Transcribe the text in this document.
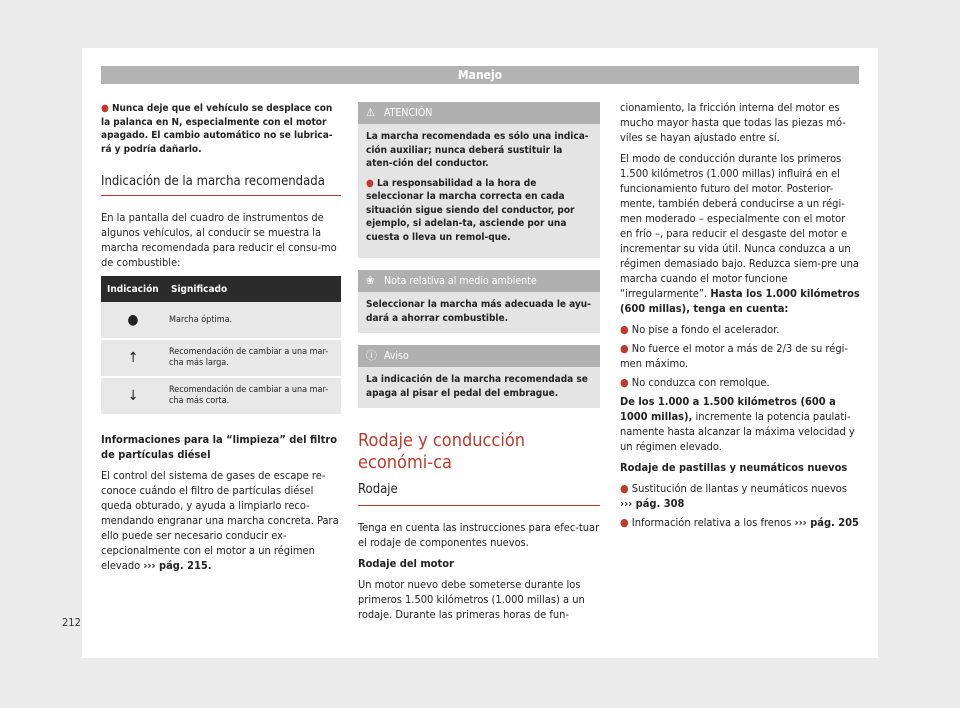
Manejo
● Nunca deje que el vehículo se desplace con la palanca en N, especialmente con el motor apagado. El cambio automático no se lubrica-rá y podría dañarlo.
Indicación de la marcha recomendada

En la pantalla del cuadro de instrumentos de algunos vehículos, al conducir se muestra la marcha recomendada para reducir el consu-mo de combustible:

Indicación	Significado
●	Marcha óptima.
↑	Recomendación de cambiar a una mar-cha más larga.
↓	Recomendación de cambiar a una mar-cha más corta.

Informaciones para la “limpieza” del filtro de partículas diésel

El control del sistema de gases de escape re-conoce cuándo el filtro de partículas diésel queda obturado, y ayuda a limpiarlo reco-mendando engranar una marcha concreta. Para ello puede ser necesario conducir ex-cepcionalmente con el motor a un régimen elevado ››› pág. 215.

⚠ ATENCIÓN

La marcha recomendada es sólo una indica-ción auxiliar; nunca deberá sustituir la aten-ción del conductor.

● La responsabilidad a la hora de seleccionar la marcha correcta en cada situación sigue siendo del conductor, por ejemplo, si adelan-ta, asciende por una cuesta o lleva un remol-que.

❀ Nota relativa al medio ambiente
Seleccionar la marcha más adecuada le ayu-dará a ahorrar combustible.
ⓘ Aviso
La indicación de la marcha recomendada se apaga al pisar el pedal del embrague.
Rodaje y conducción económi-ca
Rodaje

Tenga en cuenta las instrucciones para efec-tuar el rodaje de componentes nuevos.

Rodaje del motor

Un motor nuevo debe someterse durante los primeros 1.500 kilómetros (1.000 millas) a un rodaje. Durante las primeras horas de fun-

cionamiento, la fricción interna del motor es mucho mayor hasta que todas las piezas mó-viles se hayan ajustado entre sí.

El modo de conducción durante los primeros 1.500 kilómetros (1.000 millas) influirá en el funcionamiento futuro del motor. Posterior-mente, también deberá conducirse a un régi-men moderado – especialmente con el motor en frío –, para reducir el desgaste del motor e incrementar su vida útil. Nunca conduzca a un régimen demasiado bajo. Reduzca siem-pre una marcha cuando el motor funcione “irregularmente”. Hasta los 1.000 kilómetros (600 millas), tenga en cuenta:

● No pise a fondo el acelerador.

● No fuerce el motor a más de 2/3 de su régi-men máximo.

● No conduzca con remolque.

De los 1.000 a 1.500 kilómetros (600 a 1000 millas), incremente la potencia paulati-namente hasta alcanzar la máxima velocidad y un régimen elevado.

Rodaje de pastillas y neumáticos nuevos

● Sustitución de llantas y neumáticos nuevos ››› pág. 308

● Información relativa a los frenos ››› pág. 205

212
